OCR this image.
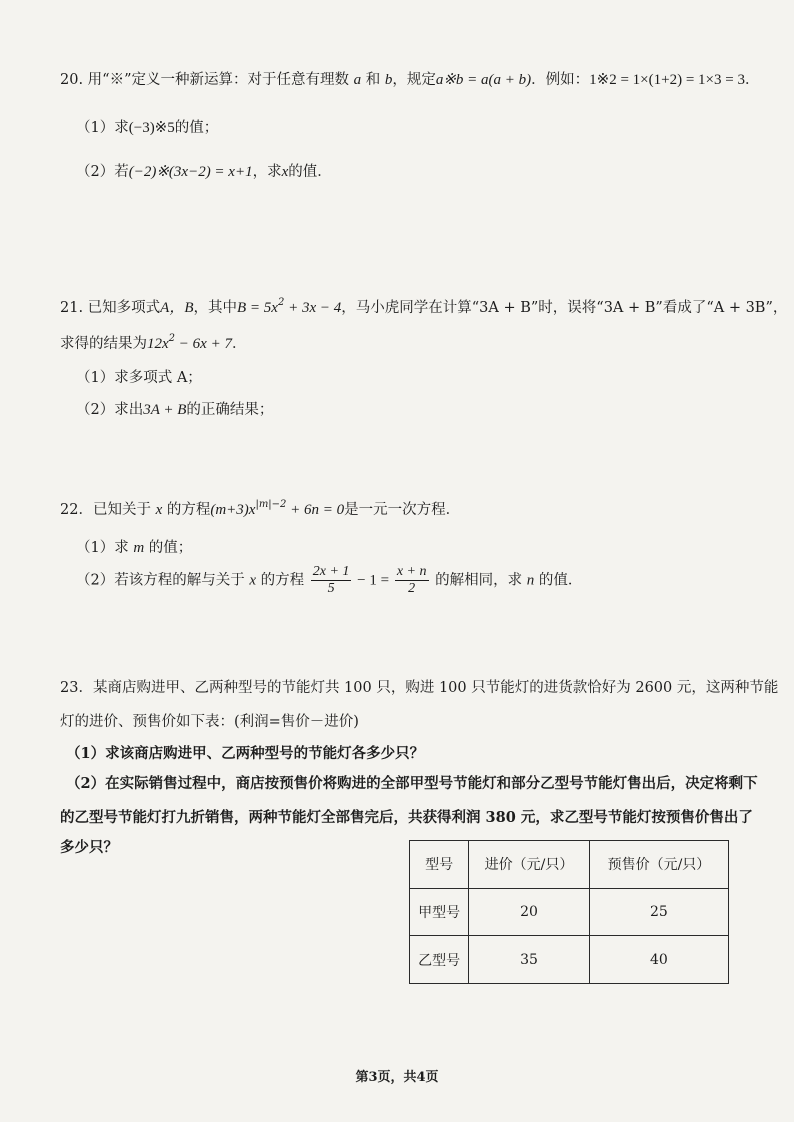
20. 用“※”定义一种新运算：对于任意有理数 a 和 b，规定a※b = a(a + b)．例如：1※2 = 1×(1+2) = 1×3 = 3．
（1）求(−3)※5的值；
（2）若(−2)※(3x−2) = x+1，求x的值．
21. 已知多项式A，B，其中$B = 5x^2 + 3x - 4$，马小虎同学在计算“3A + B”时，误将“3A + B”看成了“A + 3B”，
求得的结果为$12x^2 - 6x + 7$．
（1）求多项式 A；
（2）求出3A + B的正确结果；
22．已知关于 x 的方程$(m+3)x^{|m|-2} + 6n = 0$是一元一次方程．
（1）求 m 的值；
（2）若该方程的解与关于 x 的方程 $\frac{2x + 1}{5} - 1 = \frac{x + n}{2}$ 的解相同，求 n 的值．
23．某商店购进甲、乙两种型号的节能灯共 100 只，购进 100 只节能灯的进货款恰好为 2600 元，这两种节能
灯的进价、预售价如下表：(利润=售价－进价)
（1）求该商店购进甲、乙两种型号的节能灯各多少只？
（2）在实际销售过程中，商店按预售价将购进的全部甲型号节能灯和部分乙型号节能灯售出后，决定将剩下
的乙型号节能灯打九折销售，两种节能灯全部售完后，共获得利润 380 元，求乙型号节能灯按预售价售出了
多少只？
型号	进价（元/只）	预售价（元/只）
甲型号	20	25
乙型号	35	40
第3页，共4页
